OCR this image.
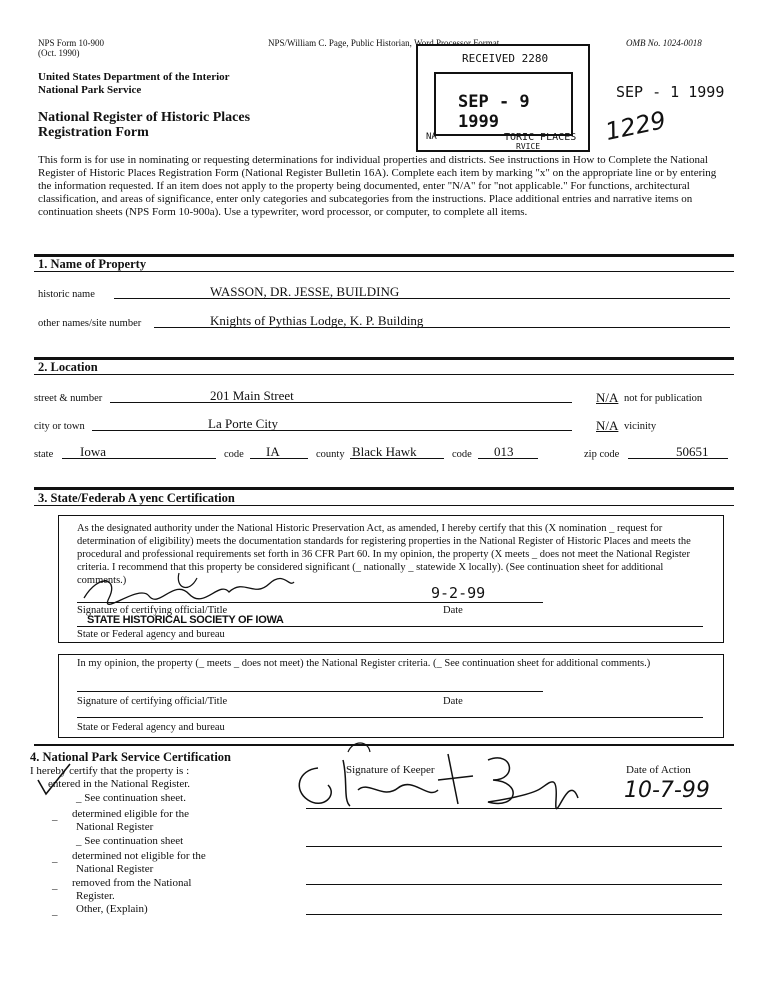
NPS Form 10-900
(Oct. 1990)
NPS/William C. Page, Public Historian, Word Processor Format	OMB No. 1024-0018
United States Department of the Interior
National Park Service
National Register of Historic Places
Registration Form
RECEIVED 2280
SEP - 9 1999
NA	TORIC PLACES
RVICE
SEP - 1 1999
1229
This form is for use in nominating or requesting determinations for individual properties and districts. See instructions in How to Complete the National Register of Historic Places Registration Form (National Register Bulletin 16A). Complete each item by marking "x" on the appropriate line or by entering the information requested. If an item does not apply to the property being documented, enter "N/A" for "not applicable." For functions, architectural classification, and areas of significance, enter only categories and subcategories from the instructions. Place additional entries and narrative items on continuation sheets (NPS Form 10-900a). Use a typewriter, word processor, or computer, to complete all items.
1. Name of Property
historic name	WASSON, DR. JESSE, BUILDING
other names/site number	Knights of Pythias Lodge, K. P. Building
2. Location
street & number	201 Main Street	N/A not for publication
city or town	La Porte City	N/A vicinity
state Iowa	code IA	county Black Hawk	code 013	zip code	50651
3. State/Federab A yenc Certification
As the designated authority under the National Historic Preservation Act, as amended, I hereby certify that this (X nomination _ request for determination of eligibility) meets the documentation standards for registering properties in the National Register of Historic Places and meets the procedural and professional requirements set forth in 36 CFR Part 60. In my opinion, the property (X meets _ does not meet the National Register criteria. I recommend that this property be considered significant (_ nationally _ statewide X locally). (See continuation sheet for additional comments.)
9-2-99
Signature of certifying official/Title	Date
STATE HISTORICAL SOCIETY OF IOWA
State or Federal agency and bureau
In my opinion, the property (_ meets _ does not meet) the National Register criteria. (_ See continuation sheet for additional comments.)
Signature of certifying official/Title	Date
State or Federal agency and bureau
4. National Park Service Certification
I hereby certify that the property is :
entered in the National Register.
_ See continuation sheet.
_ determined eligible for the
National Register
_ See continuation sheet
_ determined not eligible for the
National Register
_ removed from the National
Register.
_ Other, (Explain)
Signature of Keeper	Date of Action
10-7-99
